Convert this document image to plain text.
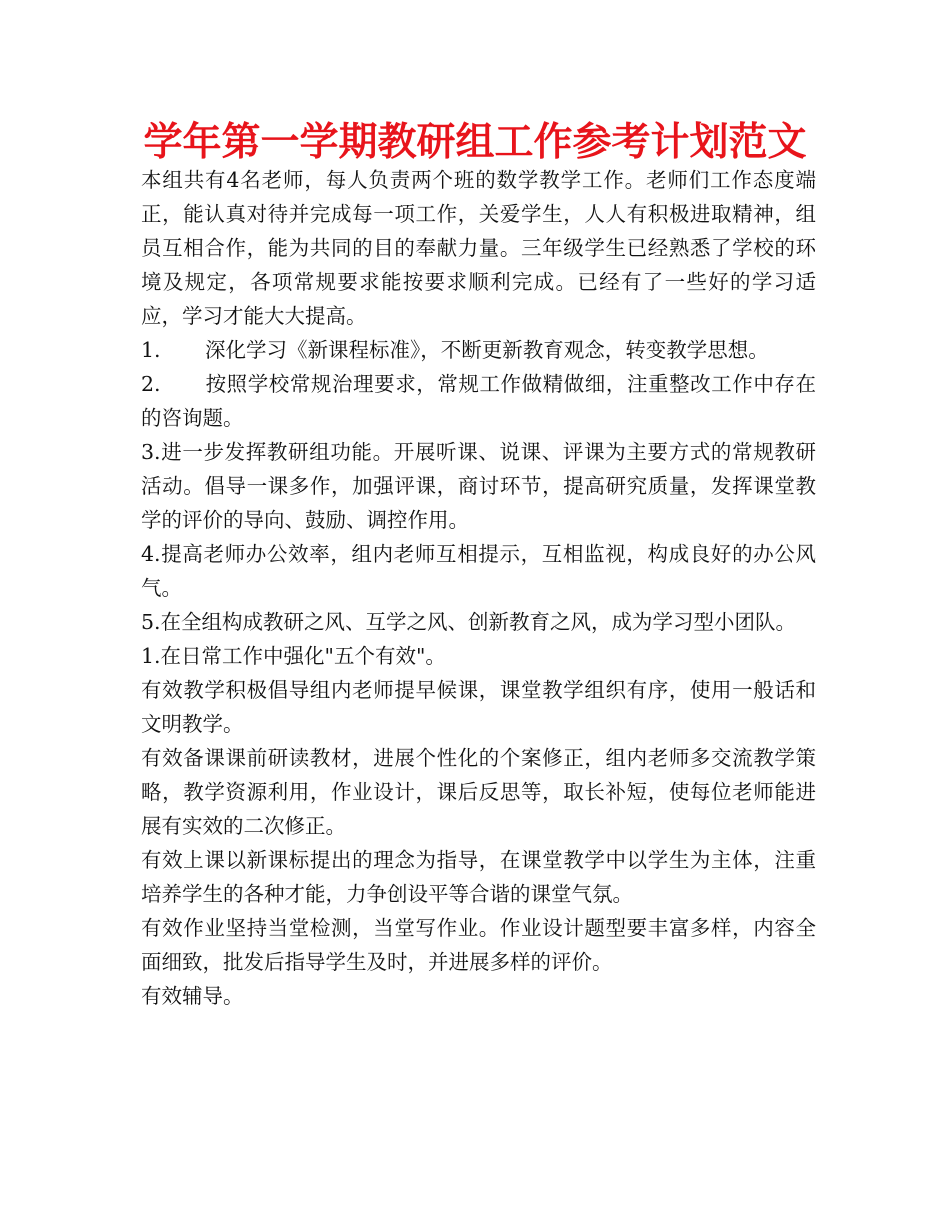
学年第一学期教研组工作参考计划范文

本组共有4名老师，每人负责两个班的数学教学工作。老师们工作态度端正，能认真对待并完成每一项工作，关爱学生，人人有积极进取精神，组员互相合作，能为共同的目的奉献力量。三年级学生已经熟悉了学校的环境及规定，各项常规要求能按要求顺利完成。已经有了一些好的学习适应，学习才能大大提高。

1. 深化学习《新课程标准》，不断更新教育观念，转变教学思想。

2. 按照学校常规治理要求，常规工作做精做细，注重整改工作中存在的咨询题。

3.进一步发挥教研组功能。开展听课、说课、评课为主要方式的常规教研活动。倡导一课多作，加强评课，商讨环节，提高研究质量，发挥课堂教学的评价的导向、鼓励、调控作用。

4.提高老师办公效率，组内老师互相提示，互相监视，构成良好的办公风气。

5.在全组构成教研之风、互学之风、创新教育之风，成为学习型小团队。

1.在日常工作中强化"五个有效"。

有效教学积极倡导组内老师提早候课，课堂教学组织有序，使用一般话和文明教学。

有效备课课前研读教材，进展个性化的个案修正，组内老师多交流教学策略，教学资源利用，作业设计，课后反思等，取长补短，使每位老师能进展有实效的二次修正。

有效上课以新课标提出的理念为指导，在课堂教学中以学生为主体，注重培养学生的各种才能，力争创设平等合谐的课堂气氛。

有效作业坚持当堂检测，当堂写作业。作业设计题型要丰富多样，内容全面细致，批发后指导学生及时，并进展多样的评价。

有效辅导。
